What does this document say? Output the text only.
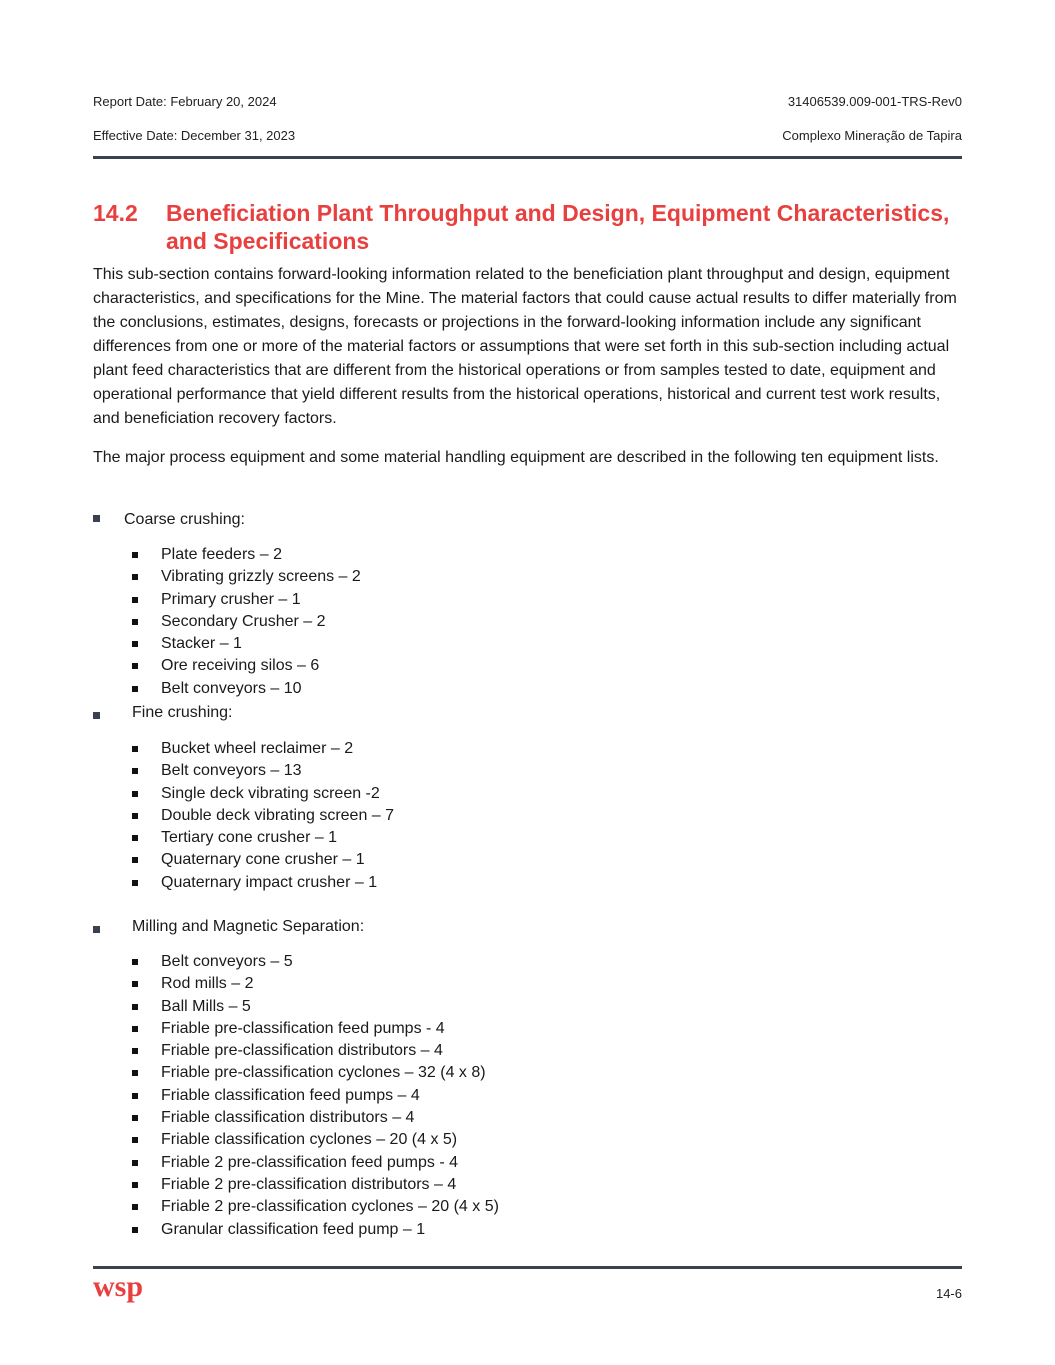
Report Date: February 20, 2024	31406539.009-001-TRS-Rev0
Effective Date: December 31, 2023	Complexo Mineração de Tapira
14.2 Beneficiation Plant Throughput and Design, Equipment Characteristics, and Specifications

This sub-section contains forward-looking information related to the beneficiation plant throughput and design, equipment characteristics, and specifications for the Mine. The material factors that could cause actual results to differ materially from the conclusions, estimates, designs, forecasts or projections in the forward-looking information include any significant differences from one or more of the material factors or assumptions that were set forth in this sub-section including actual plant feed characteristics that are different from the historical operations or from samples tested to date, equipment and operational performance that yield different results from the historical operations, historical and current test work results, and beneficiation recovery factors.

The major process equipment and some material handling equipment are described in the following ten equipment lists.

Coarse crushing:
Plate feeders – 2
Vibrating grizzly screens – 2
Primary crusher – 1
Secondary Crusher – 2
Stacker – 1
Ore receiving silos – 6
Belt conveyors – 10
Fine crushing:
Bucket wheel reclaimer – 2
Belt conveyors – 13
Single deck vibrating screen -2
Double deck vibrating screen – 7
Tertiary cone crusher – 1
Quaternary cone crusher – 1
Quaternary impact crusher – 1
Milling and Magnetic Separation:
Belt conveyors – 5
Rod mills – 2
Ball Mills – 5
Friable pre-classification feed pumps - 4
Friable pre-classification distributors – 4
Friable pre-classification cyclones – 32 (4 x 8)
Friable classification feed pumps – 4
Friable classification distributors – 4
Friable classification cyclones – 20 (4 x 5)
Friable 2 pre-classification feed pumps - 4
Friable 2 pre-classification distributors – 4
Friable 2 pre-classification cyclones – 20 (4 x 5)
Granular classification feed pump – 1
wsp	14-6
